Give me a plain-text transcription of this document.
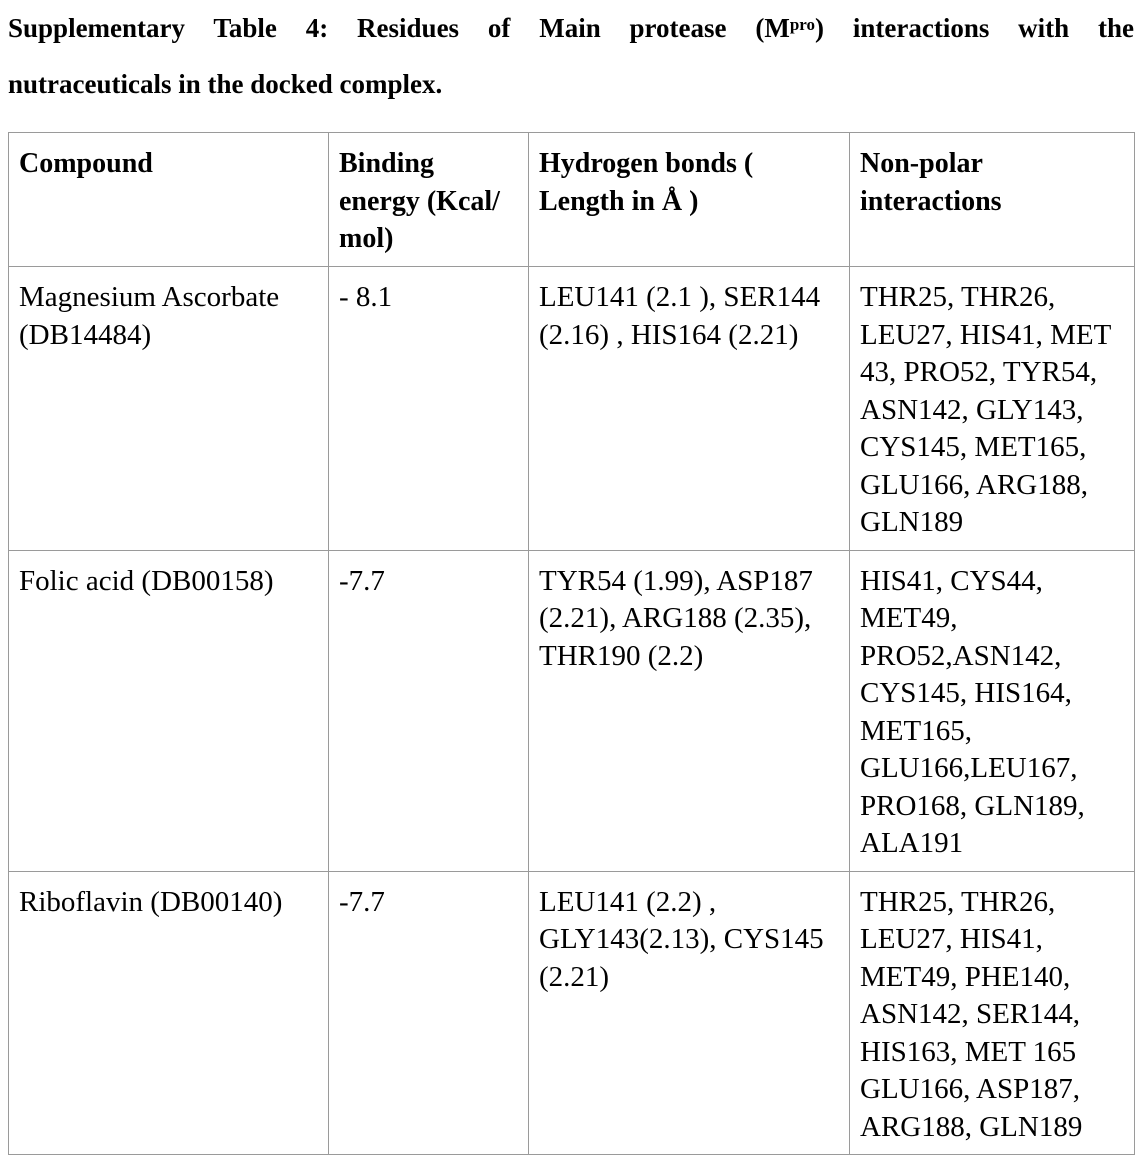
Supplementary Table 4: Residues of Main protease $(M^{pro})$ interactions with the
nutraceuticals in the docked complex.
Compound	Binding energy (Kcal/ mol)	Hydrogen bonds ( Length in Å )	Non-polar interactions
Magnesium Ascorbate (DB14484)	- 8.1	LEU141 (2.1 ), SER144 (2.16) , HIS164 (2.21)	THR25, THR26, LEU27, HIS41, MET 43, PRO52, TYR54, ASN142, GLY143, CYS145, MET165, GLU166, ARG188, GLN189
Folic acid (DB00158)	-7.7	TYR54 (1.99), ASP187 (2.21), ARG188 (2.35), THR190 (2.2)	HIS41, CYS44, MET49, PRO52,ASN142, CYS145, HIS164, MET165, GLU166,LEU167, PRO168, GLN189, ALA191
Riboflavin (DB00140)	-7.7	LEU141 (2.2) , GLY143(2.13), CYS145 (2.21)	THR25, THR26, LEU27, HIS41, MET49, PHE140, ASN142, SER144, HIS163, MET 165 GLU166, ASP187, ARG188, GLN189
